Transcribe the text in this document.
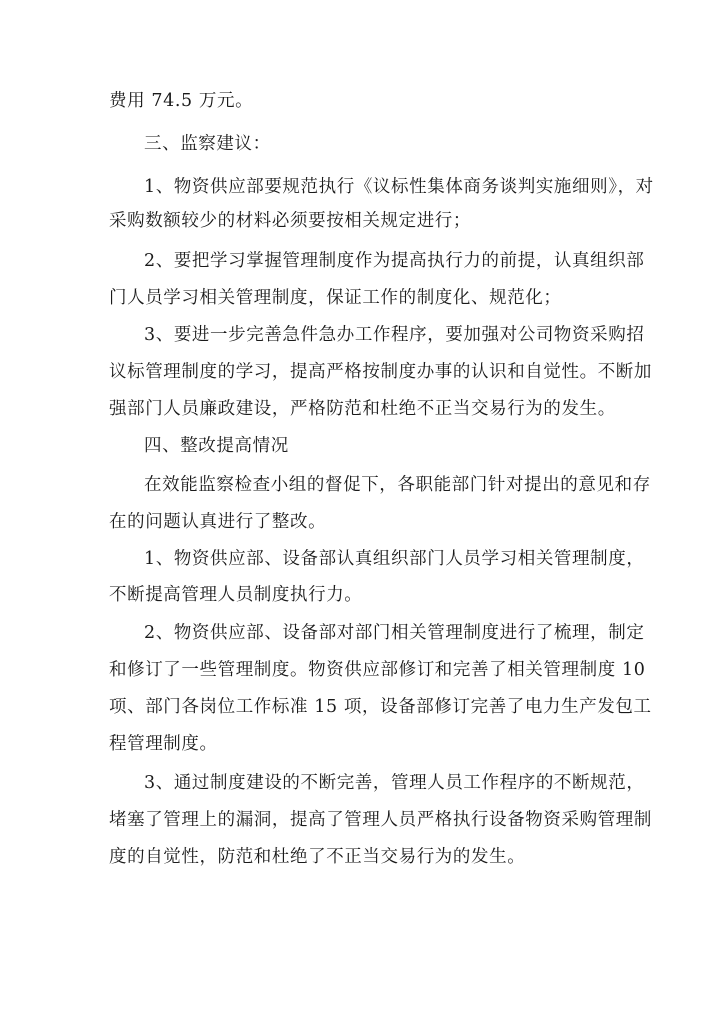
费用 74.5 万元。
三、监察建议：
1、物资供应部要规范执行《议标性集体商务谈判实施细则》，对
采购数额较少的材料必须要按相关规定进行；
2、要把学习掌握管理制度作为提高执行力的前提，认真组织部
门人员学习相关管理制度，保证工作的制度化、规范化；
3、要进一步完善急件急办工作程序，要加强对公司物资采购招
议标管理制度的学习，提高严格按制度办事的认识和自觉性。不断加
强部门人员廉政建设，严格防范和杜绝不正当交易行为的发生。
四、整改提高情况
在效能监察检查小组的督促下，各职能部门针对提出的意见和存
在的问题认真进行了整改。
1、物资供应部、设备部认真组织部门人员学习相关管理制度，
不断提高管理人员制度执行力。
2、物资供应部、设备部对部门相关管理制度进行了梳理，制定
和修订了一些管理制度。物资供应部修订和完善了相关管理制度 10
项、部门各岗位工作标准 15 项，设备部修订完善了电力生产发包工
程管理制度。
3、通过制度建设的不断完善，管理人员工作程序的不断规范，
堵塞了管理上的漏洞，提高了管理人员严格执行设备物资采购管理制
度的自觉性，防范和杜绝了不正当交易行为的发生。
